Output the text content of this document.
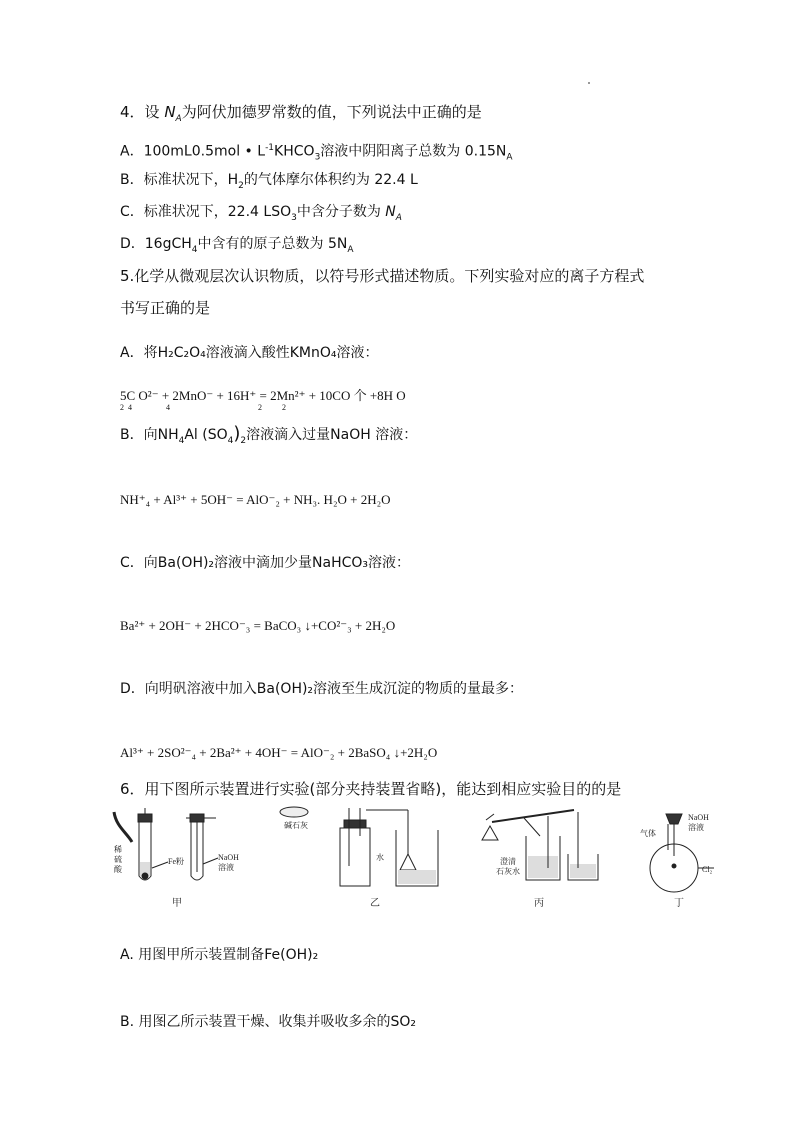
4．设 $N_A$为阿伏加德罗常数的值，下列说法中正确的是
A．100mL0.5mol • $L^{-1}KHCO_3$溶液中阴阳离子总数为 $0.15N_A$
B．标准状况下，$H_2$的气体摩尔体积约为 22.4 L
C．标准状况下，22.4 $LSO_3$中含分子数为 $N_A$
D．16gCH$_4$中含有的原子总数为 $5N_A$
5.化学从微观层次认识物质，以符号形式描述物质。下列实验对应的离子方程式
书写正确的是
A．将H₂C₂O₄溶液滴入酸性KMnO₄溶液：
5C O²⁻ + 2MnO⁻ + 16H⁺ = 2Mn²⁺ + 10CO 个 +8H O
2  4                 4                                            2          2
B．向$NH_4Al$ $(SO_4)_2$溶液滴入过量NaOH 溶液：
NH⁺₄ + Al³⁺ + 5OH⁻ = AlO⁻₂ + NH₃. H₂O + 2H₂O
C．向Ba(OH)₂溶液中滴加少量NaHCO₃溶液：
Ba²⁺ + 2OH⁻ + 2HCO⁻₃ = BaCO₃ ↓+CO²⁻₃ + 2H₂O
D．向明矾溶液中加入Ba(OH)₂溶液至生成沉淀的物质的量最多：
Al³⁺ + 2SO²⁻₄ + 2Ba²⁺ + 4OH⁻ = AlO⁻₂ + 2BaSO₄ ↓+2H₂O
6．用下图所示装置进行实验(部分夹持装置省略)，能达到相应实验目的的是
稀
硫
酸
Fe粉	NaOH
溶液
碱石灰
水	澄清
石灰水
气体
NaOH
溶液
Cl₂
甲	乙	丙	丁
A. 用图甲所示装置制备Fe(OH)₂
B. 用图乙所示装置干燥、收集并吸收多余的SO₂
